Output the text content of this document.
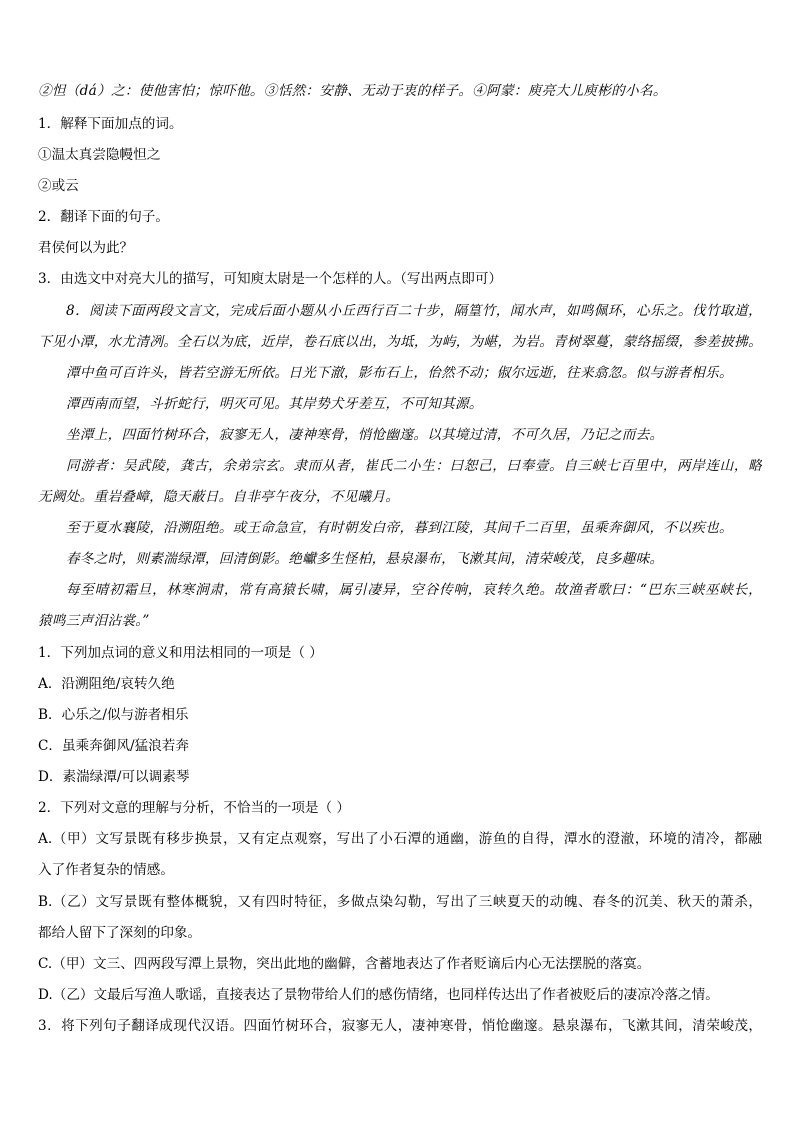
②怛（dá）之：使他害怕；惊吓他。③恬然：安静、无动于衷的样子。④阿蒙：庾亮大儿庾彬的小名。
1．解释下面加点的词。
①温太真尝隐幔怛之
②或云
2．翻译下面的句子。
君侯何以为此？
3．由选文中对亮大儿的描写，可知庾太尉是一个怎样的人。（写出两点即可）
8．阅读下面两段文言文，完成后面小题从小丘西行百二十步，隔篁竹，闻水声，如鸣佩环，心乐之。伐竹取道，
下见小潭，水尤清冽。全石以为底，近岸，卷石底以出，为坻，为屿，为嵁，为岩。青树翠蔓，蒙络摇缀，参差披拂。
潭中鱼可百许头，皆若空游无所依。日光下澈，影布石上，佁然不动；俶尔远逝，往来翕忽。似与游者相乐。
潭西南而望，斗折蛇行，明灭可见。其岸势犬牙差互，不可知其源。
坐潭上，四面竹树环合，寂寥无人，凄神寒骨，悄怆幽邃。以其境过清，不可久居，乃记之而去。
同游者：吴武陵，龚古，余弟宗玄。隶而从者，崔氏二小生：曰恕己，曰奉壹。自三峡七百里中，两岸连山，略
无阙处。重岩叠嶂，隐天蔽日。自非亭午夜分，不见曦月。
至于夏水襄陵，沿溯阻绝。或王命急宣，有时朝发白帝，暮到江陵，其间千二百里，虽乘奔御风，不以疾也。
春冬之时，则素湍绿潭，回清倒影。绝巘多生怪柏，悬泉瀑布，飞漱其间，清荣峻茂，良多趣味。
每至晴初霜旦，林寒涧肃，常有高猿长啸，属引凄异，空谷传响，哀转久绝。故渔者歌曰：“巴东三峡巫峡长，
猿鸣三声泪沾裳。”
1．下列加点词的意义和用法相同的一项是（ ）
A．沿溯阻绝/哀转久绝
B．心乐之/似与游者相乐
C．虽乘奔御风/猛浪若奔
D．素湍绿潭/可以调素琴
2．下列对文意的理解与分析，不恰当的一项是（ ）
A.（甲）文写景既有移步换景，又有定点观察，写出了小石潭的通幽，游鱼的自得，潭水的澄澈，环境的清冷，都融
入了作者复杂的情感。
B.（乙）文写景既有整体概貌，又有四时特征，多做点染勾勒，写出了三峡夏天的动魄、春冬的沉美、秋天的萧杀，
都给人留下了深刻的印象。
C.（甲）文三、四两段写潭上景物，突出此地的幽僻，含蓄地表达了作者贬谪后内心无法摆脱的落寞。
D.（乙）文最后写渔人歌谣，直接表达了景物带给人们的感伤情绪，也同样传达出了作者被贬后的凄凉冷落之情。
3．将下列句子翻译成现代汉语。四面竹树环合，寂寥无人，凄神寒骨，悄怆幽邃。悬泉瀑布，飞漱其间，清荣峻茂，
